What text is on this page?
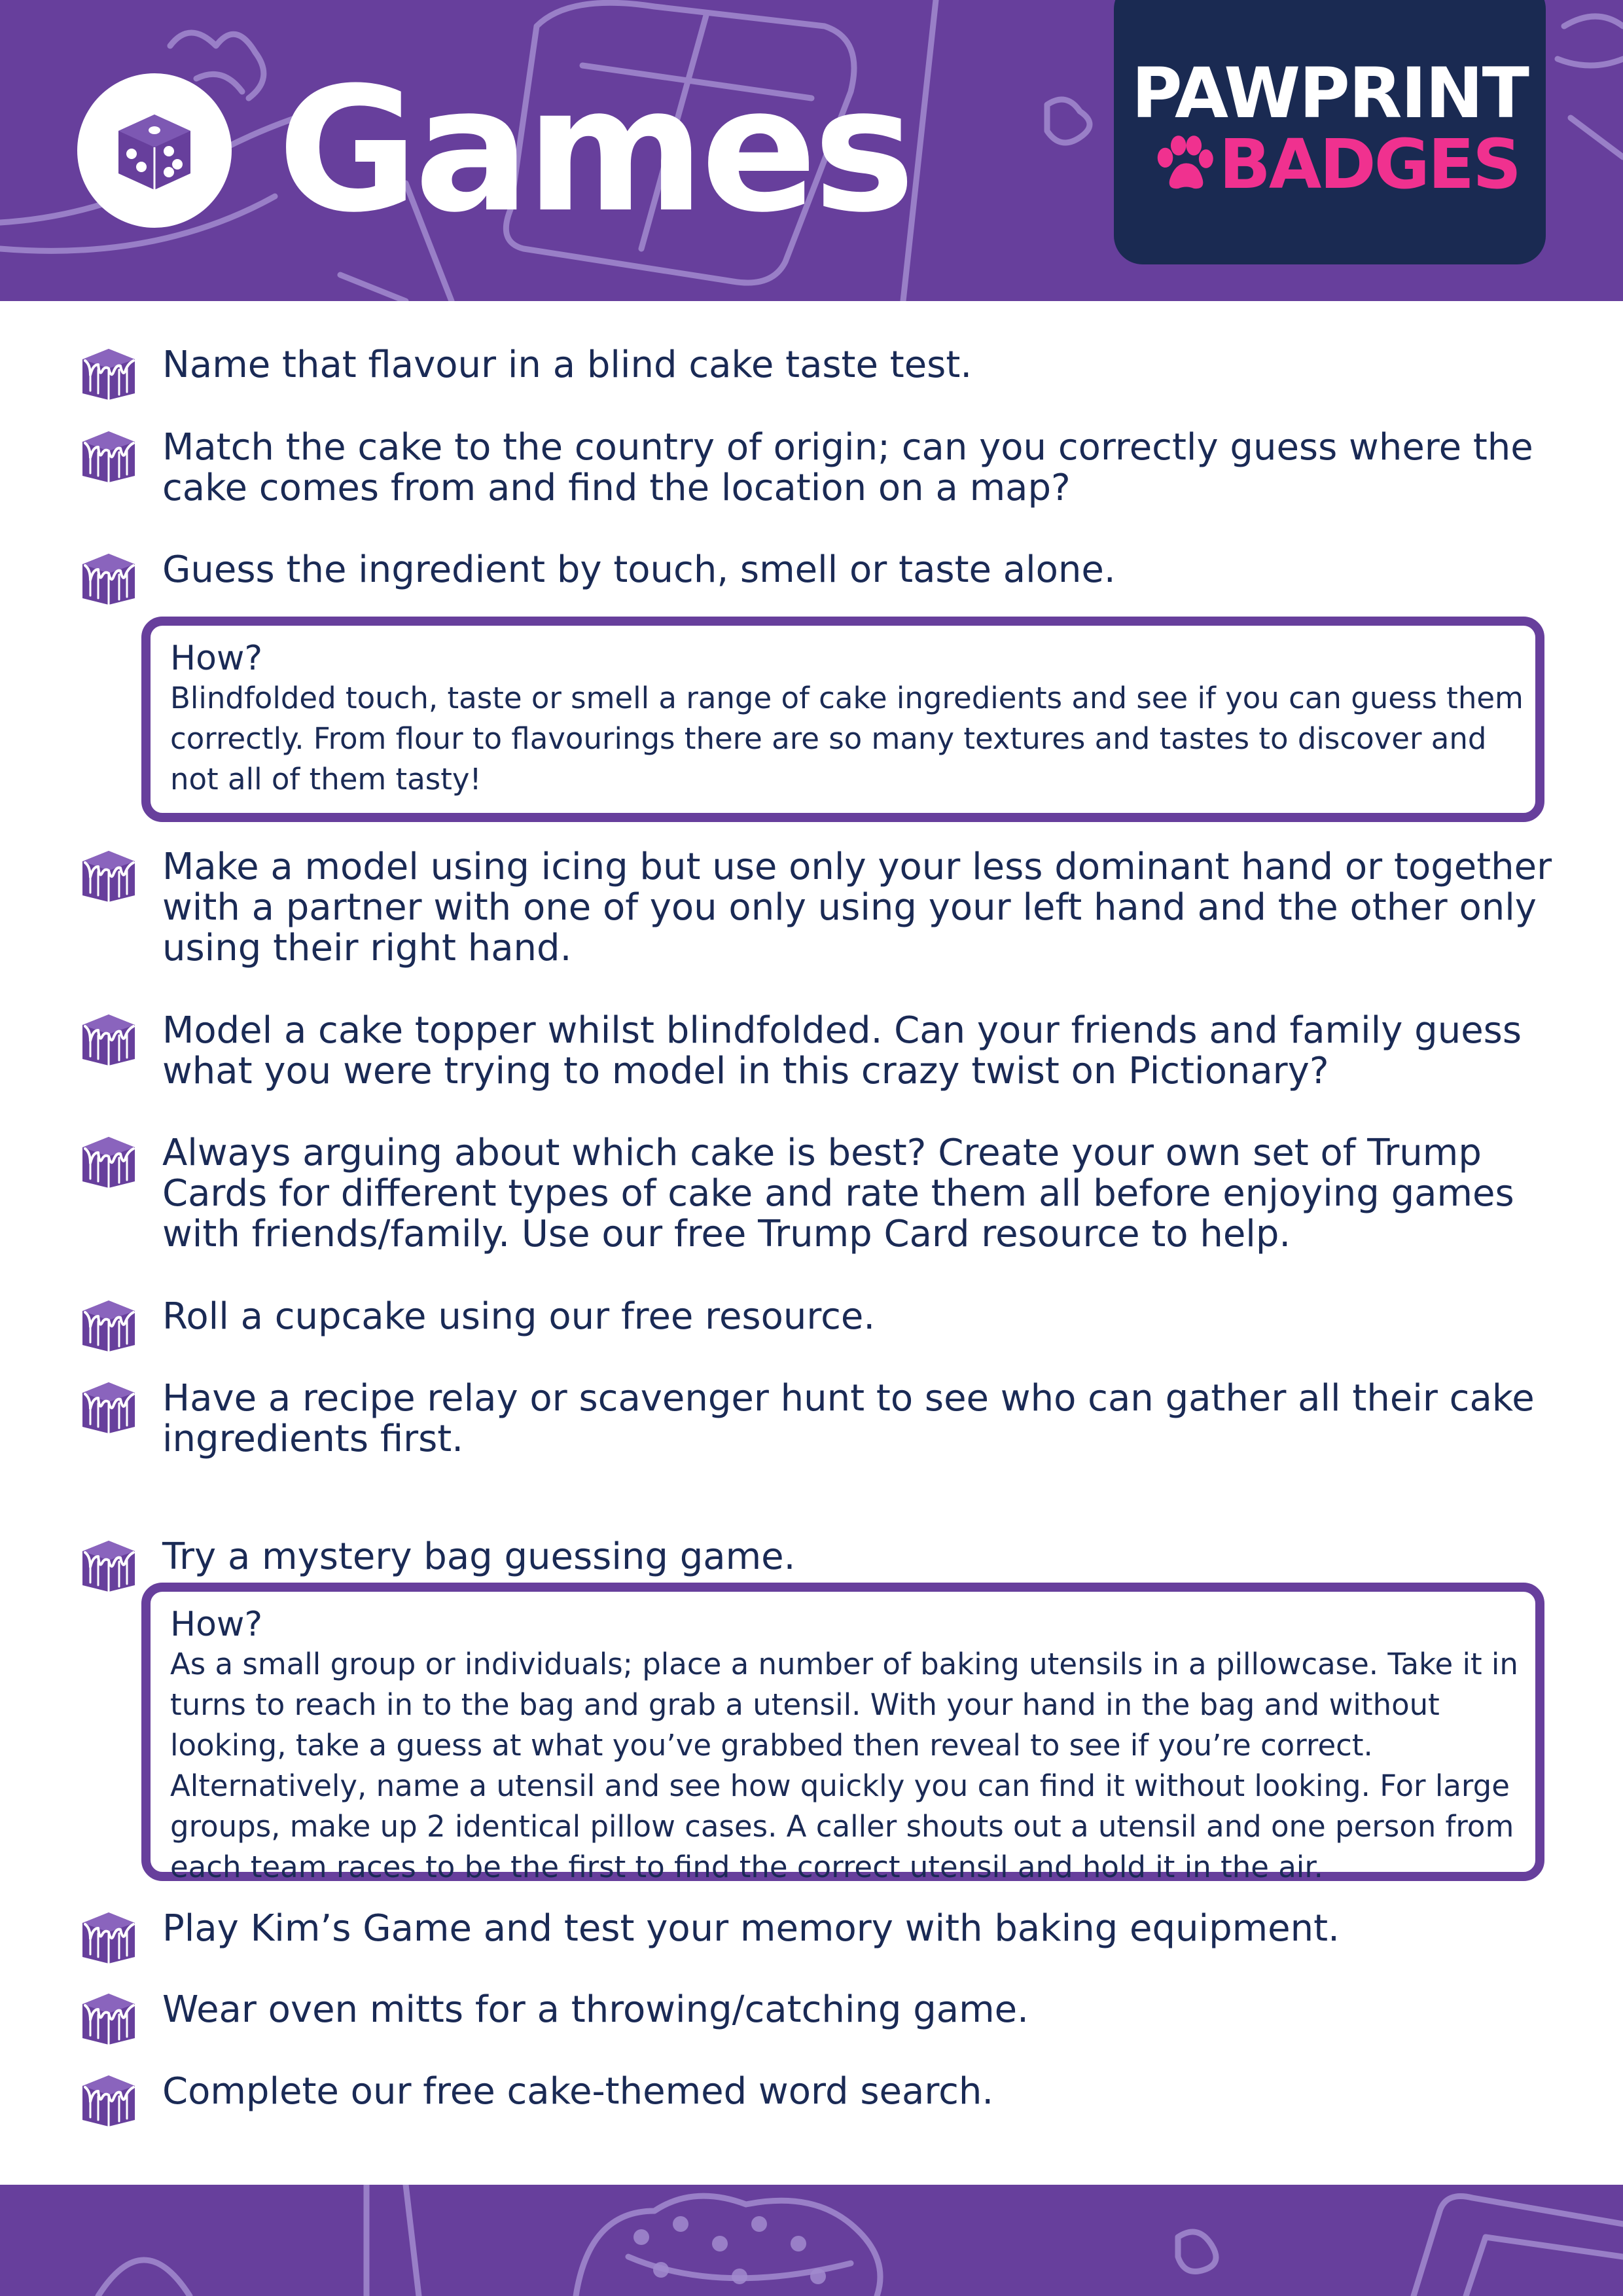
Games	PAWPRINT
BADGES
Name that flavour in a blind cake taste test.
Match the cake to the country of origin; can you correctly guess where the cake comes from and find the location on a map?
Guess the ingredient by touch, smell or taste alone.
How?
Blindfolded touch, taste or smell a range of cake ingredients and see if you can guess them correctly. From flour to flavourings there are so many textures and tastes to discover and not all of them tasty!
Make a model using icing but use only your less dominant hand or together with a partner with one of you only using your left hand and the other only using their right hand.
Model a cake topper whilst blindfolded. Can your friends and family guess what you were trying to model in this crazy twist on Pictionary?
Always arguing about which cake is best? Create your own set of Trump Cards for different types of cake and rate them all before enjoying games with friends/family. Use our free Trump Card resource to help.
Roll a cupcake using our free resource.
Have a recipe relay or scavenger hunt to see who can gather all their cake ingredients first.
Try a mystery bag guessing game.
How?
As a small group or individuals; place a number of baking utensils in a pillowcase. Take it in turns to reach in to the bag and grab a utensil. With your hand in the bag and without looking, take a guess at what you’ve grabbed then reveal to see if you’re correct. Alternatively, name a utensil and see how quickly you can find it without looking. For large groups, make up 2 identical pillow cases. A caller shouts out a utensil and one person from each team races to be the first to find the correct utensil and hold it in the air.
Play Kim’s Game and test your memory with baking equipment.
Wear oven mitts for a throwing/catching game.
Complete our free cake-themed word search.
